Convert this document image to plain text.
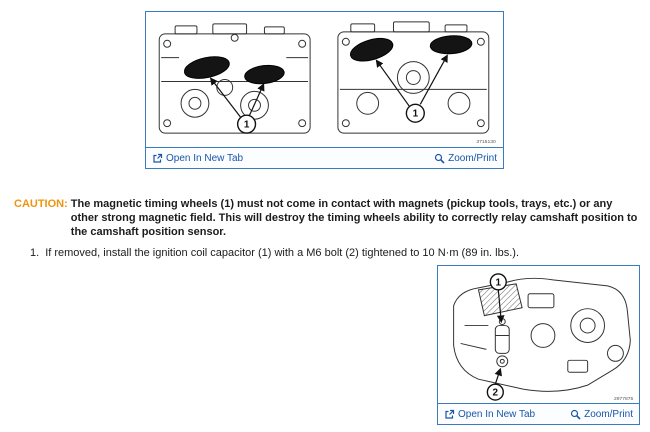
1
1
3715130
Open In New Tab	Zoom/Print
CAUTION: The magnetic timing wheels (1) must not come in contact with magnets (pickup tools, trays, etc.) or any other strong magnetic field. This will destroy the timing wheels ability to correctly relay camshaft position to the camshaft position sensor.
1. If removed, install the ignition coil capacitor (1) with a M6 bolt (2) tightened to 10 N·m (89 in. lbs.).
1
2
2977875
Open In New Tab	Zoom/Print
